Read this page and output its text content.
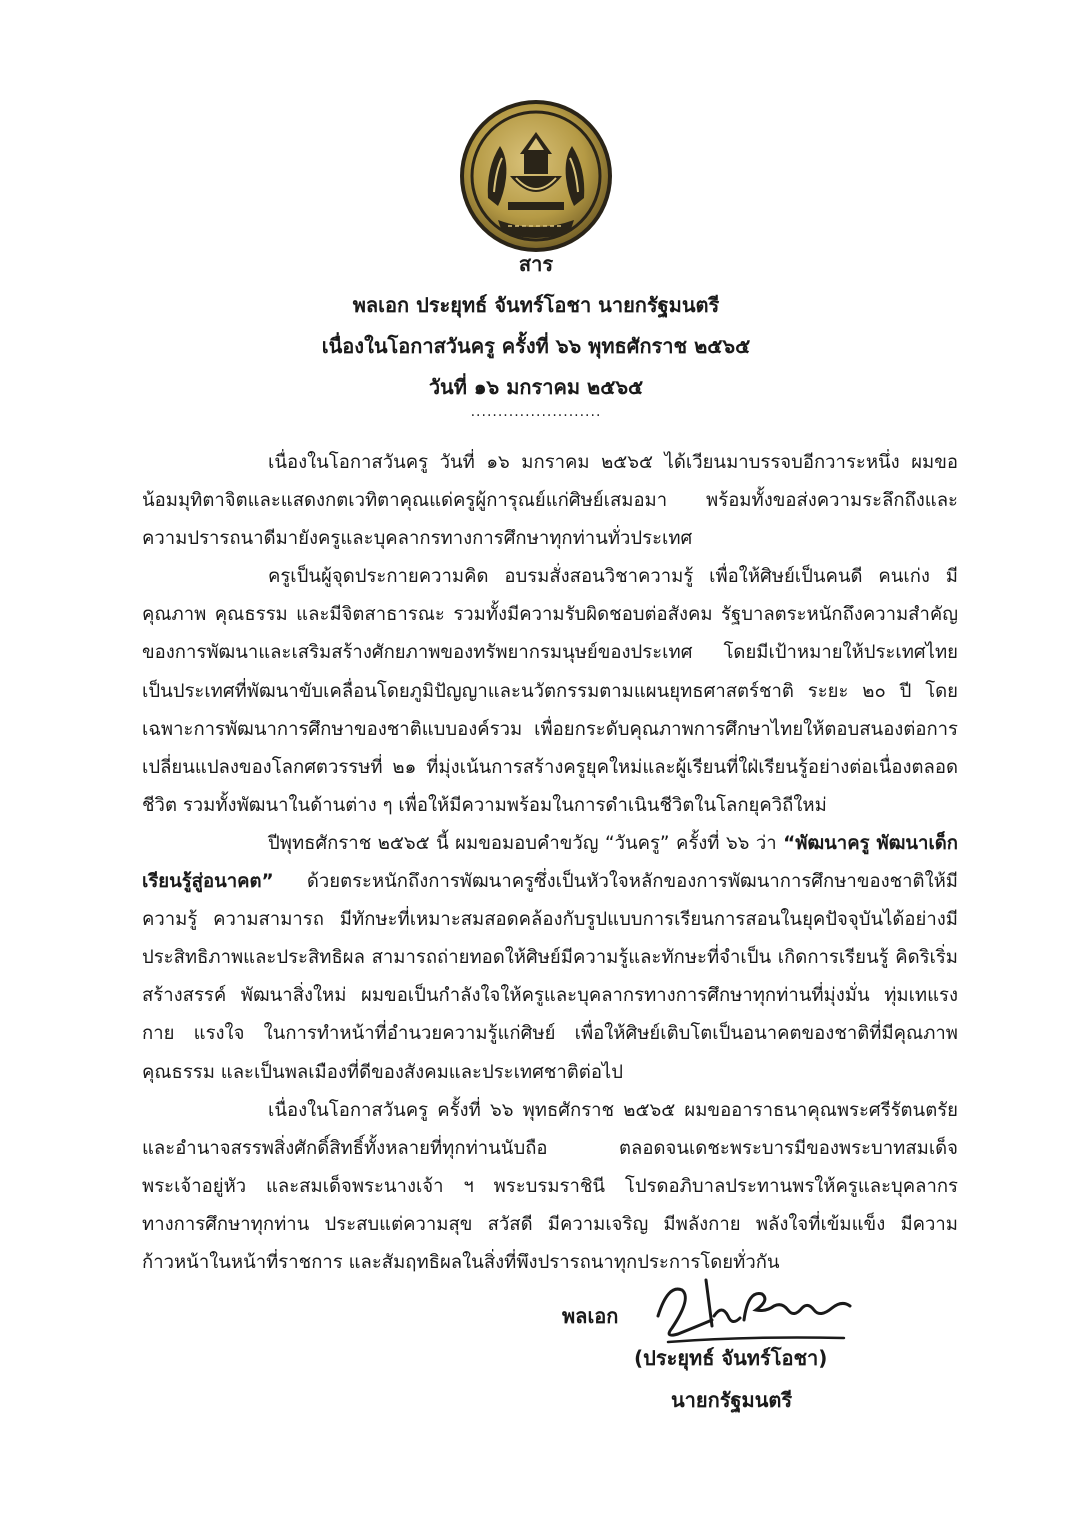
สาร
พลเอก ประยุทธ์ จันทร์โอชา นายกรัฐมนตรี
เนื่องในโอกาสวันครู ครั้งที่ ๖๖ พุทธศักราช ๒๕๖๕
วันที่ ๑๖ มกราคม ๒๕๖๕
........................

เนื่องในโอกาสวันครู วันที่ ๑๖ มกราคม ๒๕๖๕ ได้เวียนมาบรรจบอีกวาระหนึ่ง ผมขอน้อมมุทิตาจิตและแสดงกตเวทิตาคุณแด่ครูผู้การุณย์แก่ศิษย์เสมอมา พร้อมทั้งขอส่งความระลึกถึงและความปรารถนาดีมายังครูและบุคลากรทางการศึกษาทุกท่านทั่วประเทศ

ครูเป็นผู้จุดประกายความคิด อบรมสั่งสอนวิชาความรู้ เพื่อให้ศิษย์เป็นคนดี คนเก่ง มีคุณภาพ คุณธรรม และมีจิตสาธารณะ รวมทั้งมีความรับผิดชอบต่อสังคม รัฐบาลตระหนักถึงความสำคัญของการพัฒนาและเสริมสร้างศักยภาพของทรัพยากรมนุษย์ของประเทศ โดยมีเป้าหมายให้ประเทศไทยเป็นประเทศที่พัฒนาขับเคลื่อนโดยภูมิปัญญาและนวัตกรรมตามแผนยุทธศาสตร์ชาติ ระยะ ๒๐ ปี โดยเฉพาะการพัฒนาการศึกษาของชาติแบบองค์รวม เพื่อยกระดับคุณภาพการศึกษาไทยให้ตอบสนองต่อการเปลี่ยนแปลงของโลกศตวรรษที่ ๒๑ ที่มุ่งเน้นการสร้างครูยุคใหม่และผู้เรียนที่ใฝ่เรียนรู้อย่างต่อเนื่องตลอดชีวิต รวมทั้งพัฒนาในด้านต่าง ๆ เพื่อให้มีความพร้อมในการดำเนินชีวิตในโลกยุควิถีใหม่

ปีพุทธศักราช ๒๕๖๕ นี้ ผมขอมอบคำขวัญ “วันครู” ครั้งที่ ๖๖ ว่า “พัฒนาครู พัฒนาเด็ก เรียนรู้สู่อนาคต” ด้วยตระหนักถึงการพัฒนาครูซึ่งเป็นหัวใจหลักของการพัฒนาการศึกษาของชาติให้มีความรู้ ความสามารถ มีทักษะที่เหมาะสมสอดคล้องกับรูปแบบการเรียนการสอนในยุคปัจจุบันได้อย่างมีประสิทธิภาพและประสิทธิผล สามารถถ่ายทอดให้ศิษย์มีความรู้และทักษะที่จำเป็น เกิดการเรียนรู้ คิดริเริ่ม สร้างสรรค์ พัฒนาสิ่งใหม่ ผมขอเป็นกำลังใจให้ครูและบุคลากรทางการศึกษาทุกท่านที่มุ่งมั่น ทุ่มเทแรงกาย แรงใจ ในการทำหน้าที่อำนวยความรู้แก่ศิษย์ เพื่อให้ศิษย์เติบโตเป็นอนาคตของชาติที่มีคุณภาพ คุณธรรม และเป็นพลเมืองที่ดีของสังคมและประเทศชาติต่อไป

เนื่องในโอกาสวันครู ครั้งที่ ๖๖ พุทธศักราช ๒๕๖๕ ผมขออาราธนาคุณพระศรีรัตนตรัย และอำนาจสรรพสิ่งศักดิ์สิทธิ์ทั้งหลายที่ทุกท่านนับถือ ตลอดจนเดชะพระบารมีของพระบาทสมเด็จพระเจ้าอยู่หัว และสมเด็จพระนางเจ้า ฯ พระบรมราชินี โปรดอภิบาลประทานพรให้ครูและบุคลากรทางการศึกษาทุกท่าน ประสบแต่ความสุข สวัสดี มีความเจริญ มีพลังกาย พลังใจที่เข้มแข็ง มีความก้าวหน้าในหน้าที่ราชการ และสัมฤทธิผลในสิ่งที่พึงปรารถนาทุกประการโดยทั่วกัน

พลเอก
(ประยุทธ์ จันทร์โอชา)
นายกรัฐมนตรี
